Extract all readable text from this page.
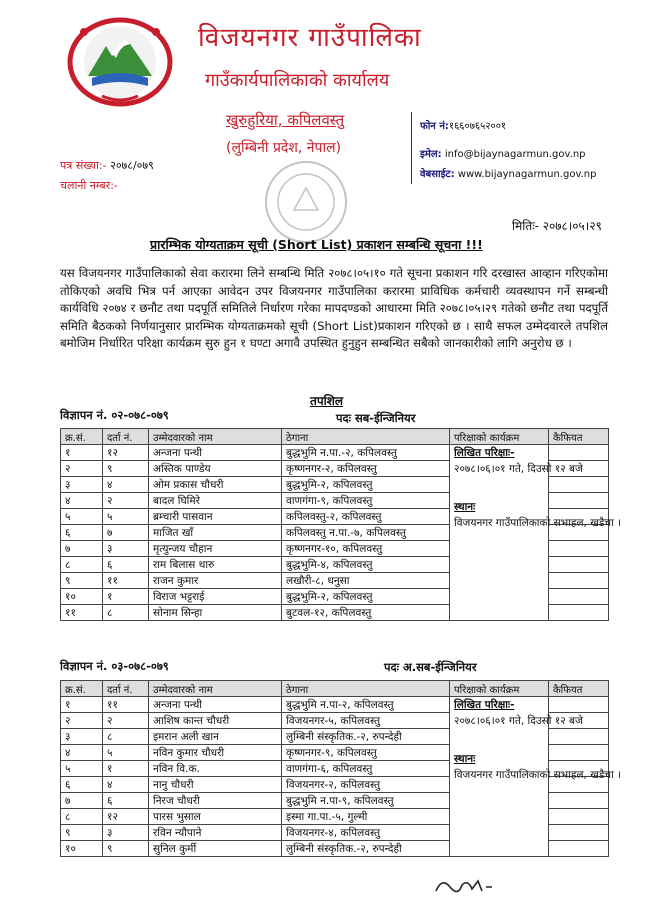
विजयनगर गाउँपालिका
गाउँकार्यपालिकाको कार्यालय
खुरुहुरिया, कपिलवस्तु
(लुम्बिनी प्रदेश, नेपाल)
फोन नं:१६६०७६५२००१
इमेल: info@bijaynagarmun.gov.np
वेबसाईट: www.bijaynagarmun.gov.np
पत्र संख्या:- २०७८/०७९
चलानी नम्बर:-
मितिः- २०७८।०५।२९
प्रारम्भिक योग्यताक्रम सूची (Short List) प्रकाशन सम्बन्धि सूचना !!!
यस विजयनगर गाउँपालिकाको सेवा करारमा लिने सम्बन्धि मिति २०७८।०५।१० गते सूचना प्रकाशन गरि दरखास्त आव्हान गरिएकोमा तोकिएको अवधि भित्र पर्न आएका आवेदन उपर विजयनगर गाउँपालिका करारमा प्राविधिक कर्मचारी व्यवस्थापन गर्ने सम्बन्धी कार्यविधि २०७४ र छनौट तथा पदपूर्ति समितिले निर्धारण गरेका मापदण्डको आधारमा मिति २०७८।०५।२९ गतेको छनौट तथा पदपूर्ति समिति बैठकको निर्णयानुसार प्रारम्भिक योग्यताक्रमको सूची (Short List)प्रकाशन गरिएको छ । साथै सफल उम्मेदवारले तपशिल बमोजिम निर्धारित परिक्षा कार्यक्रम सुरु हुन १ घण्टा अगावै उपस्थित हुनुहुन सम्बन्धित सबैको जानकारीको लागि अनुरोध छ ।
तपशिल
विज्ञापन नं. ०२-०७८-०७९	पदः सब-ईन्जिनियर
क्र.सं.	दर्ता नं.	उम्मेदवारको नाम	ठेगाना	परिक्षाको कार्यक्रम	कैफियत
१	१२	अन्जना पन्थी	बुद्धभुमि न.पा.-२, कपिलवस्तु	लिखित परिक्षाः-
२०७८।०६।०१ गते, दिउसो १२ बजे
स्थानः
विजयनगर गाउँपालिकाको सभाहल, खडैचा ।	

२	९	अस्तिक पाण्डेय	कृष्णनगर-२, कपिलवस्तु		
३	४	ओम प्रकास चौधरी	बुद्धभुमि-२, कपिलवस्तु		
४	२	बादल घिमिरे	वाणगंगा-९, कपिलवस्तु		
५	५	ब्रम्चारी पासवान	कपिलवस्तु-२, कपिलवस्तु		
६	७	माजित खाँ	कपिलवस्तु न.पा.-७, कपिलवस्तु		
७	३	मृत्युन्जय चौहान	कृष्णनगर-१०, कपिलवस्तु		
८	६	राम बिलास थारु	बुद्धभुमि-४, कपिलवस्तु		
९	११	राजन कुमार	लखौरी-८, धनुसा		
१०	१	विराज भट्टराई	बुद्धभुमि-२, कपिलवस्तु		
११	८	सोनाम सिन्हा	बुटवल-१२, कपिलवस्तु		
विज्ञापन नं. ०३-०७८-०७९	पदः अ.सब-ईन्जिनियर
क्र.सं.	दर्ता नं.	उम्मेदवारको नाम	ठेगाना	परिक्षाको कार्यक्रम	कैफियत
१	११	अन्जना पन्थी	बुद्धभुमि न.पा-२, कपिलवस्तु	लिखित परिक्षाः-
२०७८।०६।०१ गते, दिउसो १२ बजे
स्थानः
विजयनगर गाउँपालिकाको सभाहल, खडैचा ।	

२	२	आशिष कान्त चौधरी	विजयनगर-५, कपिलवस्तु		
३	८	इमरान अली खान	लुम्बिनी संस्कृतिक.-२, रुपन्देही		
४	५	नविन कुमार चौधरी	कृष्णनगर-९, कपिलवस्तु		
५	१	नविन वि.क.	वाणगंगा-६, कपिलवस्तु		
६	४	नानु चौधरी	विजयनगर-२, कपिलवस्तु		
७	६	निरज चौधरी	बुद्धभुमि न.पा-९, कपिलवस्तु		
८	१२	पारस भुसाल	इस्मा गा.पा.-५, गुल्मी		
९	३	रविन न्यौपाने	विजयनगर-४, कपिलवस्तु		
१०	९	सुनिल कुर्मी	लुम्बिनी संस्कृतिक.-२, रुपन्देही		
